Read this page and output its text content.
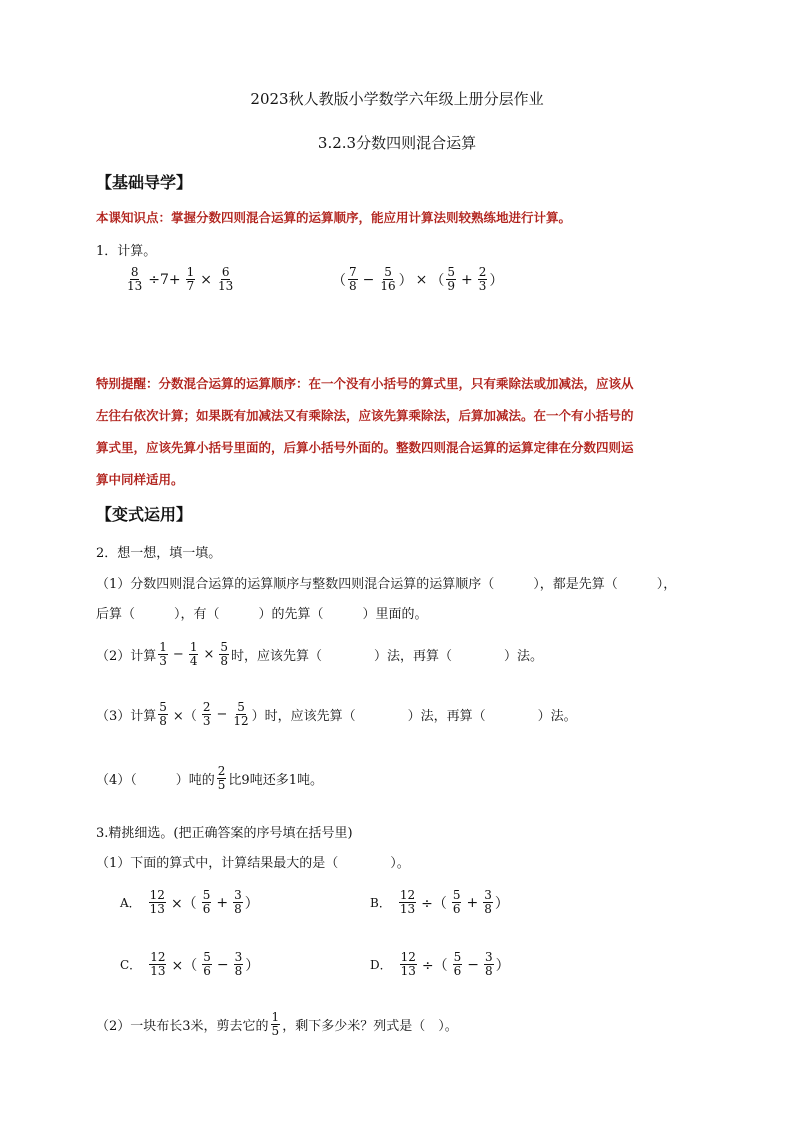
2023秋人教版小学数学六年级上册分层作业
3.2.3分数四则混合运算
【基础导学】
本课知识点：掌握分数四则混合运算的运算顺序，能应用计算法则较熟练地进行计算。
1．计算。
$\frac{8}{13} \div 7+ \frac{1}{7} \times \frac{6}{13}$	（ $\frac{7}{8} - \frac{5}{16}$ ） × （ $\frac{5}{9} + \frac{2}{3}$ ）
特别提醒：分数混合运算的运算顺序：在一个没有小括号的算式里，只有乘除法或加减法，应该从
左往右依次计算；如果既有加减法又有乘除法，应该先算乘除法，后算加减法。在一个有小括号的
算式里，应该先算小括号里面的，后算小括号外面的。整数四则混合运算的运算定律在分数四则运
算中同样适用。
【变式运用】
2．想一想，填一填。
（1）分数四则混合运算的运算顺序与整数四则混合运算的运算顺序（　　　），都是先算（　　　），
后算（　　　），有（　　　）的先算（　　　）里面的。
（2）计算 $\frac{1}{3} - \frac{1}{4} \times \frac{5}{8}$ 时，应该先算（　　　　）法，再算（　　　　）法。
（3）计算 $\frac{5}{8}$ ×（ $\frac{2}{3} - \frac{5}{12}$ ）时，应该先算（　　　　）法，再算（　　　　）法。
（4）（　　　）吨的 $\frac{2}{5}$ 比9吨还多1吨。
3.精挑细选。(把正确答案的序号填在括号里)
（1）下面的算式中，计算结果最大的是（　　　　）。
A． $\frac{12}{13}$ ×（ $\frac{5}{6} + \frac{3}{8}$ ）	B． $\frac{12}{13}$ ÷（ $\frac{5}{6} + \frac{3}{8}$ ）
C． $\frac{12}{13}$ ×（ $\frac{5}{6} - \frac{3}{8}$ ）	D． $\frac{12}{13}$ ÷（ $\frac{5}{6} - \frac{3}{8}$ ）
（2）一块布长3米，剪去它的 $\frac{1}{5}$ ，剩下多少米？列式是（　）。
